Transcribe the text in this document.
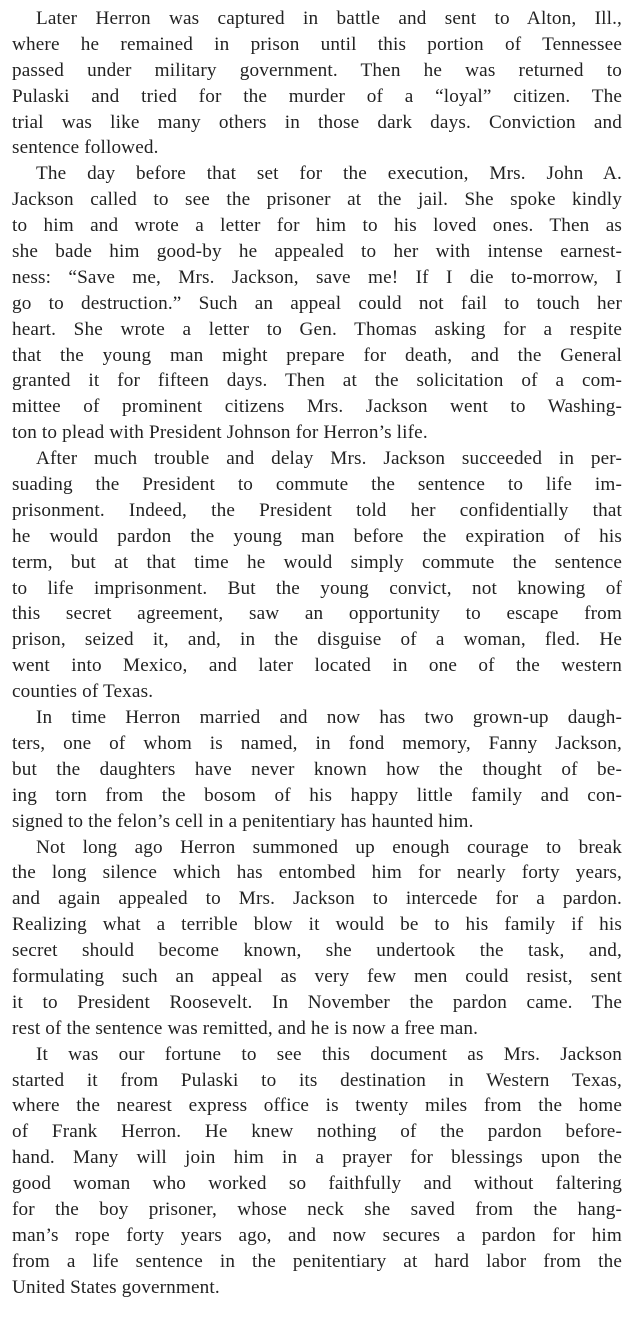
Later Herron was captured in battle and sent to Alton, Ill.,
where he remained in prison until this portion of Tennessee
passed under military government. Then he was returned to
Pulaski and tried for the murder of a “loyal” citizen. The
trial was like many others in those dark days. Conviction and
sentence followed.
The day before that set for the execution, Mrs. John A.
Jackson called to see the prisoner at the jail. She spoke kindly
to him and wrote a letter for him to his loved ones. Then as
she bade him good-by he appealed to her with intense earnest-
ness: “Save me, Mrs. Jackson, save me! If I die to-morrow, I
go to destruction.” Such an appeal could not fail to touch her
heart. She wrote a letter to Gen. Thomas asking for a respite
that the young man might prepare for death, and the General
granted it for fifteen days. Then at the solicitation of a com-
mittee of prominent citizens Mrs. Jackson went to Washing-
ton to plead with President Johnson for Herron’s life.
After much trouble and delay Mrs. Jackson succeeded in per-
suading the President to commute the sentence to life im-
prisonment. Indeed, the President told her confidentially that
he would pardon the young man before the expiration of his
term, but at that time he would simply commute the sentence
to life imprisonment. But the young convict, not knowing of
this secret agreement, saw an opportunity to escape from
prison, seized it, and, in the disguise of a woman, fled. He
went into Mexico, and later located in one of the western
counties of Texas.
In time Herron married and now has two grown-up daugh-
ters, one of whom is named, in fond memory, Fanny Jackson,
but the daughters have never known how the thought of be-
ing torn from the bosom of his happy little family and con-
signed to the felon’s cell in a penitentiary has haunted him.
Not long ago Herron summoned up enough courage to break
the long silence which has entombed him for nearly forty years,
and again appealed to Mrs. Jackson to intercede for a pardon.
Realizing what a terrible blow it would be to his family if his
secret should become known, she undertook the task, and,
formulating such an appeal as very few men could resist, sent
it to President Roosevelt. In November the pardon came. The
rest of the sentence was remitted, and he is now a free man.
It was our fortune to see this document as Mrs. Jackson
started it from Pulaski to its destination in Western Texas,
where the nearest express office is twenty miles from the home
of Frank Herron. He knew nothing of the pardon before-
hand. Many will join him in a prayer for blessings upon the
good woman who worked so faithfully and without faltering
for the boy prisoner, whose neck she saved from the hang-
man’s rope forty years ago, and now secures a pardon for him
from a life sentence in the penitentiary at hard labor from the
United States government.
